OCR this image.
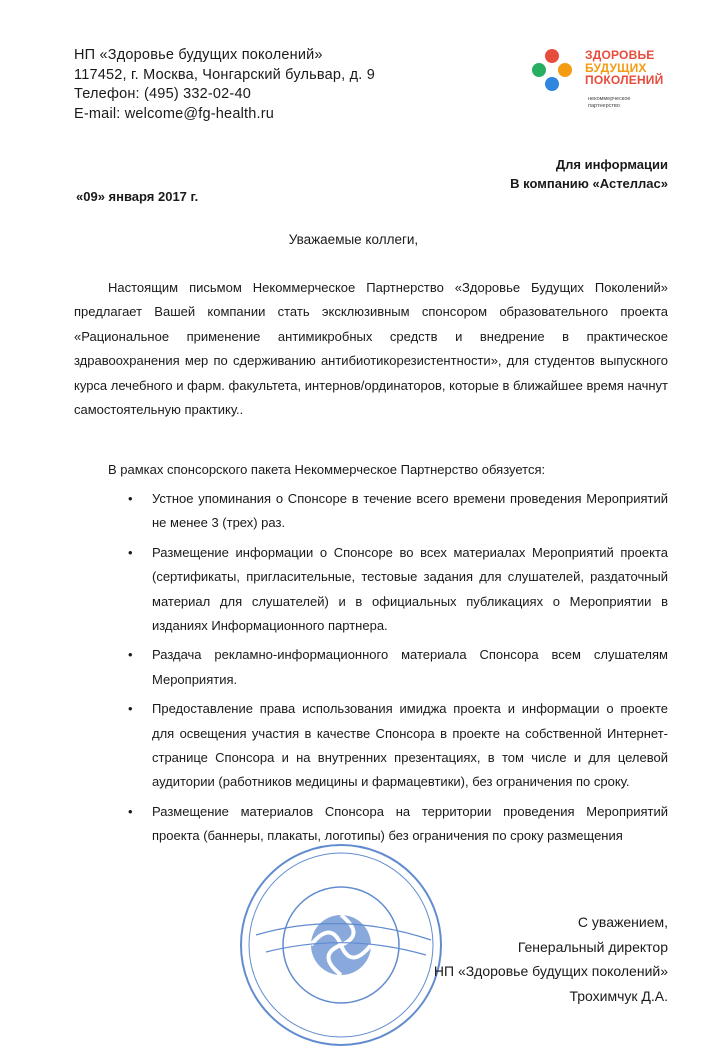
НП «Здоровье будущих поколений»
117452, г. Москва, Чонгарский бульвар, д. 9
Телефон: (495) 332-02-40
E-mail: welcome@fg-health.ru
ЗДОРОВЬЕ
БУДУЩИХ
ПОКОЛЕНИЙ
некоммерческое
партнерство
Для информации
В компанию «Астеллас»
«09» января 2017 г.
Уважаемые коллеги,
Настоящим письмом Некоммерческое Партнерство «Здоровье Будущих Поколений» предлагает Вашей компании стать эксклюзивным спонсором образовательного проекта «Рациональное применение антимикробных средств и внедрение в практическое здравоохранения мер по сдерживанию антибиотикорезистентности», для студентов выпускного курса лечебного и фарм. факультета, интернов/ординаторов, которые в ближайшее время начнут самостоятельную практику..
В рамках спонсорского пакета Некоммерческое Партнерство обязуется:
• Устное упоминания о Спонсоре в течение всего времени проведения Мероприятий не менее 3 (трех) раз.
• Размещение информации о Спонсоре во всех материалах Мероприятий проекта (сертификаты, пригласительные, тестовые задания для слушателей, раздаточный материал для слушателей) и в официальных публикациях о Мероприятии в изданиях Информационного партнера.
• Раздача рекламно-информационного материала Спонсора всем слушателям Мероприятия.
• Предоставление права использования имиджа проекта и информации о проекте для освещения участия в качестве Спонсора в проекте на собственной Интернет-странице Спонсора и на внутренних презентациях, в том числе и для целевой аудитории (работников медицины и фармацевтики), без ограничения по сроку.
• Размещение материалов Спонсора на территории проведения Мероприятий проекта (баннеры, плакаты, логотипы) без ограничения по сроку размещения
С уважением,
Генеральный директор
НП «Здоровье будущих поколений»
Трохимчук Д.А.
